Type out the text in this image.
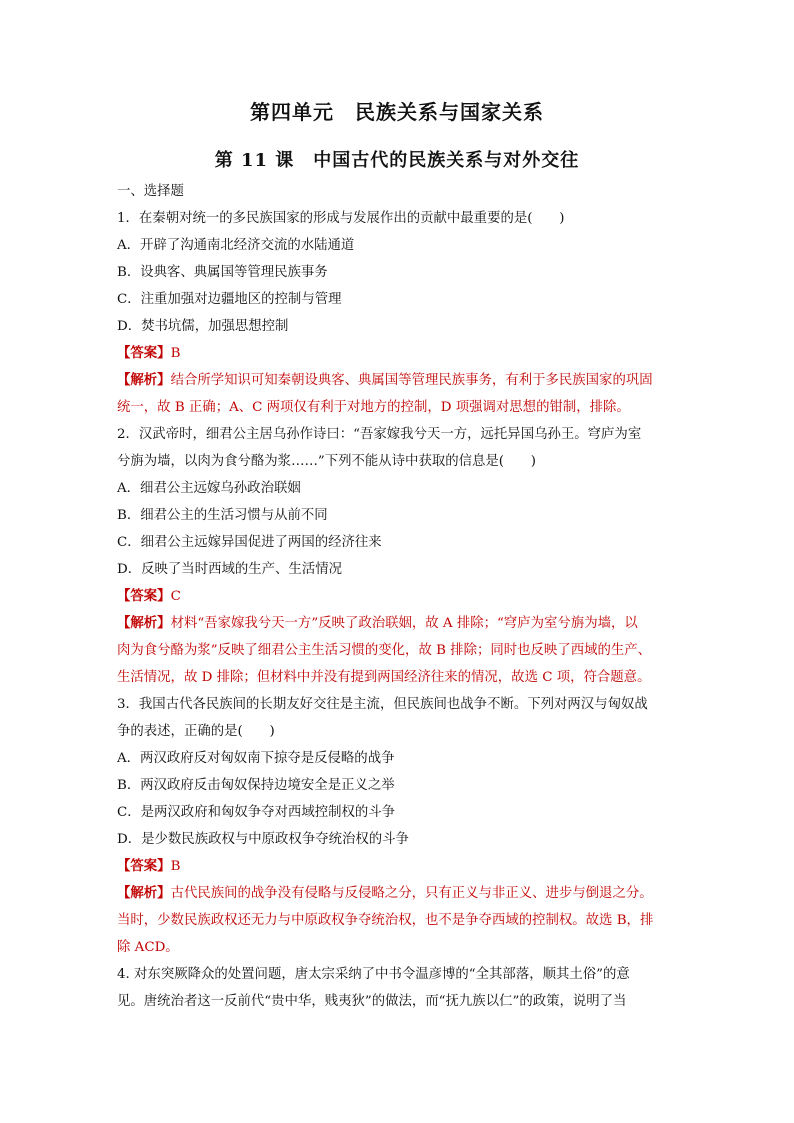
第四单元　民族关系与国家关系
第 11 课　中国古代的民族关系与对外交往
一、选择题
1．在秦朝对统一的多民族国家的形成与发展作出的贡献中最重要的是(　　)
A．开辟了沟通南北经济交流的水陆通道
B．设典客、典属国等管理民族事务
C．注重加强对边疆地区的控制与管理
D．焚书坑儒，加强思想控制
【答案】B
【解析】结合所学知识可知秦朝设典客、典属国等管理民族事务，有利于多民族国家的巩固
统一，故 B 正确；A、C 两项仅有利于对地方的控制，D 项强调对思想的钳制，排除。
2．汉武帝时，细君公主居乌孙作诗曰：“吾家嫁我兮天一方，远托异国乌孙王。穹庐为室
兮旃为墙，以肉为食兮酪为浆……”下列不能从诗中获取的信息是(　　)
A．细君公主远嫁乌孙政治联姻
B．细君公主的生活习惯与从前不同
C．细君公主远嫁异国促进了两国的经济往来
D．反映了当时西域的生产、生活情况
【答案】C
【解析】材料“吾家嫁我兮天一方”反映了政治联姻，故 A 排除；“穹庐为室兮旃为墙，以
肉为食兮酪为浆”反映了细君公主生活习惯的变化，故 B 排除；同时也反映了西域的生产、
生活情况，故 D 排除；但材料中并没有提到两国经济往来的情况，故选 C 项，符合题意。
3．我国古代各民族间的长期友好交往是主流，但民族间也战争不断。下列对两汉与匈奴战
争的表述，正确的是(　　)
A．两汉政府反对匈奴南下掠夺是反侵略的战争
B．两汉政府反击匈奴保持边境安全是正义之举
C．是两汉政府和匈奴争夺对西域控制权的斗争
D．是少数民族政权与中原政权争夺统治权的斗争
【答案】B
【解析】古代民族间的战争没有侵略与反侵略之分，只有正义与非正义、进步与倒退之分。
当时，少数民族政权还无力与中原政权争夺统治权，也不是争夺西域的控制权。故选 B，排
除 ACD。
4. 对东突厥降众的处置问题，唐太宗采纳了中书令温彦博的“全其部落，顺其土俗”的意
见。唐统治者这一反前代“贵中华，贱夷狄”的做法，而“抚九族以仁”的政策，说明了当
